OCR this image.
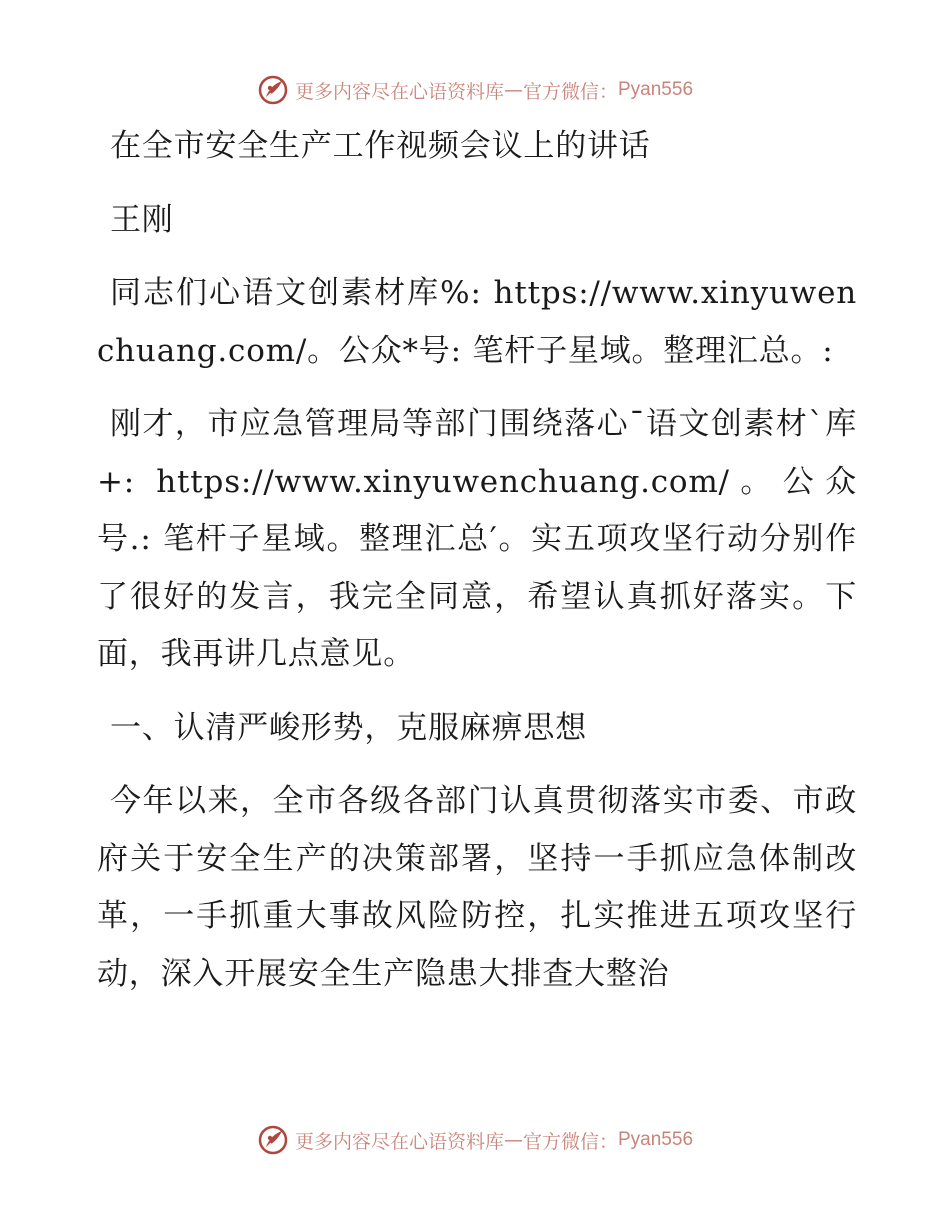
更多内容尽在心语资料库 — 官方微信： Pyan556

在全市安全生产工作视频会议上的讲话

王刚

同志们心语文创素材库%: https://www.xinyuwenchuang.com/。公众*号: 笔杆子星域。整理汇总。:

刚才，市应急管理局等部门围绕落心¯语文创素材`库+: https://www.xinyuwenchuang.com/。公众号.: 笔杆子星域。整理汇总′。实五项攻坚行动分别作了很好的发言，我完全同意，希望认真抓好落实。下面，我再讲几点意见。

一、认清严峻形势，克服麻痹思想

今年以来，全市各级各部门认真贯彻落实市委、市政府关于安全生产的决策部署，坚持一手抓应急体制改革，一手抓重大事故风险防控，扎实推进五项攻坚行动，深入开展安全生产隐患大排查大整治

更多内容尽在心语资料库 — 官方微信： Pyan556
